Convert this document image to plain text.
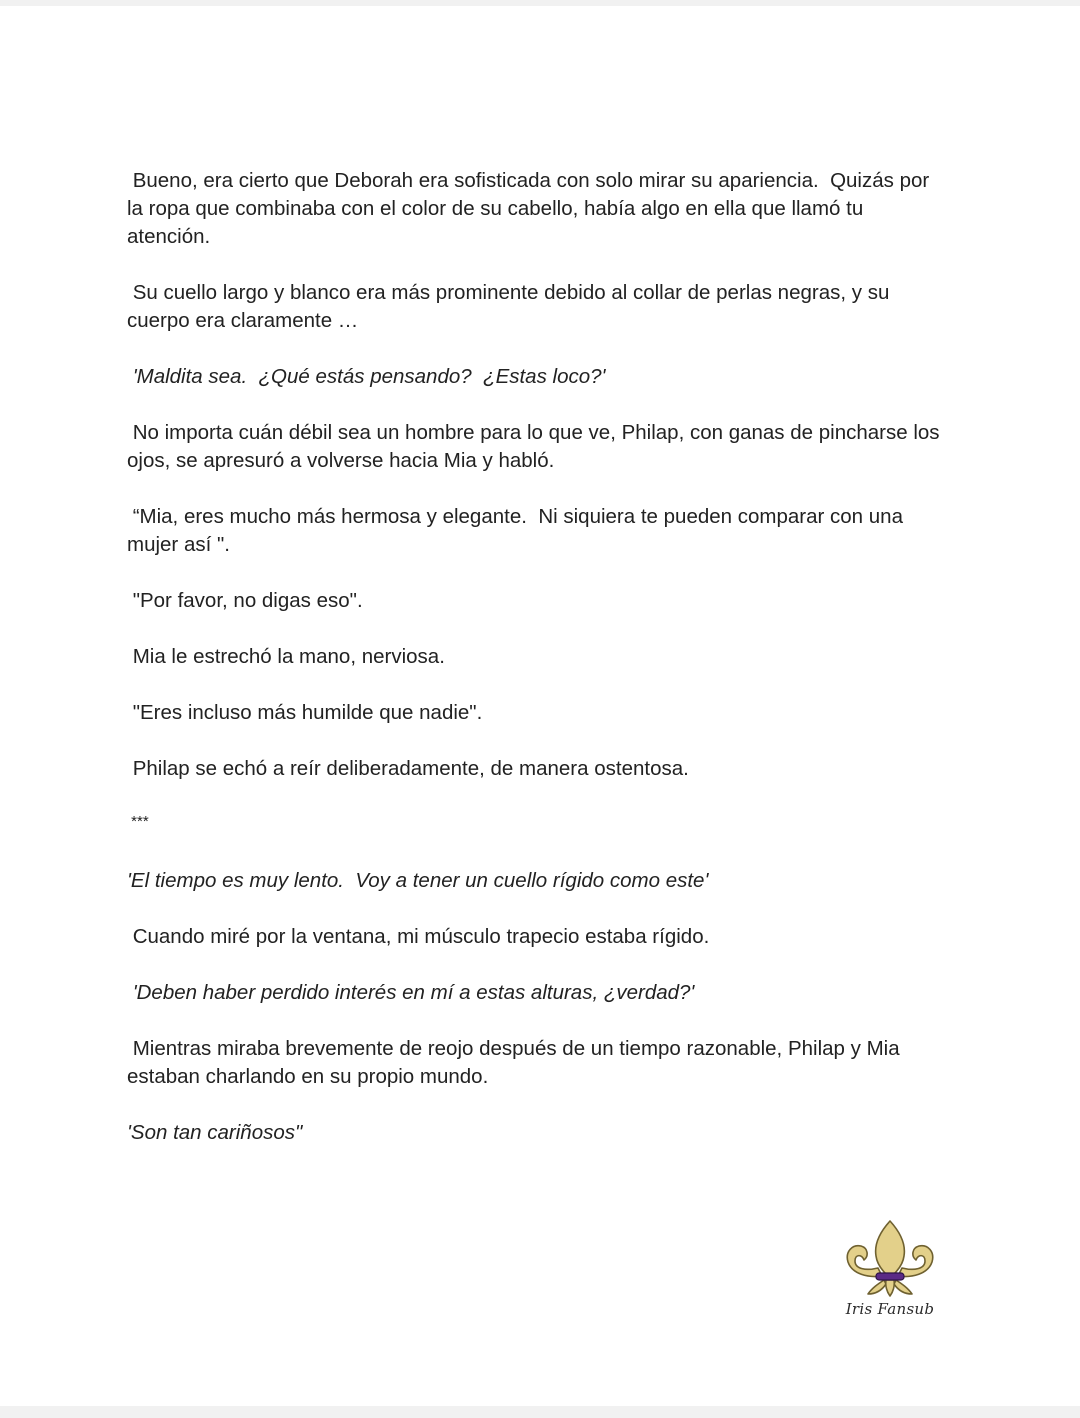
Bueno, era cierto que Deborah era sofisticada con solo mirar su apariencia.  Quizás por la ropa que combinaba con el color de su cabello, había algo en ella que llamó tu atención.

Su cuello largo y blanco era más prominente debido al collar de perlas negras, y su cuerpo era claramente …

'Maldita sea.  ¿Qué estás pensando?  ¿Estas loco?'

No importa cuán débil sea un hombre para lo que ve, Philap, con ganas de pincharse los ojos, se apresuró a volverse hacia Mia y habló.

“Mia, eres mucho más hermosa y elegante.  Ni siquiera te pueden comparar con una mujer así ".

"Por favor, no digas eso".

Mia le estrechó la mano, nerviosa.

"Eres incluso más humilde que nadie".

Philap se echó a reír deliberadamente, de manera ostentosa.

***

'El tiempo es muy lento.  Voy a tener un cuello rígido como este'

Cuando miré por la ventana, mi músculo trapecio estaba rígido.

'Deben haber perdido interés en mí a estas alturas, ¿verdad?'

Mientras miraba brevemente de reojo después de un tiempo razonable, Philap y Mia estaban charlando en su propio mundo.

'Son tan cariñosos"

Iris Fansub
